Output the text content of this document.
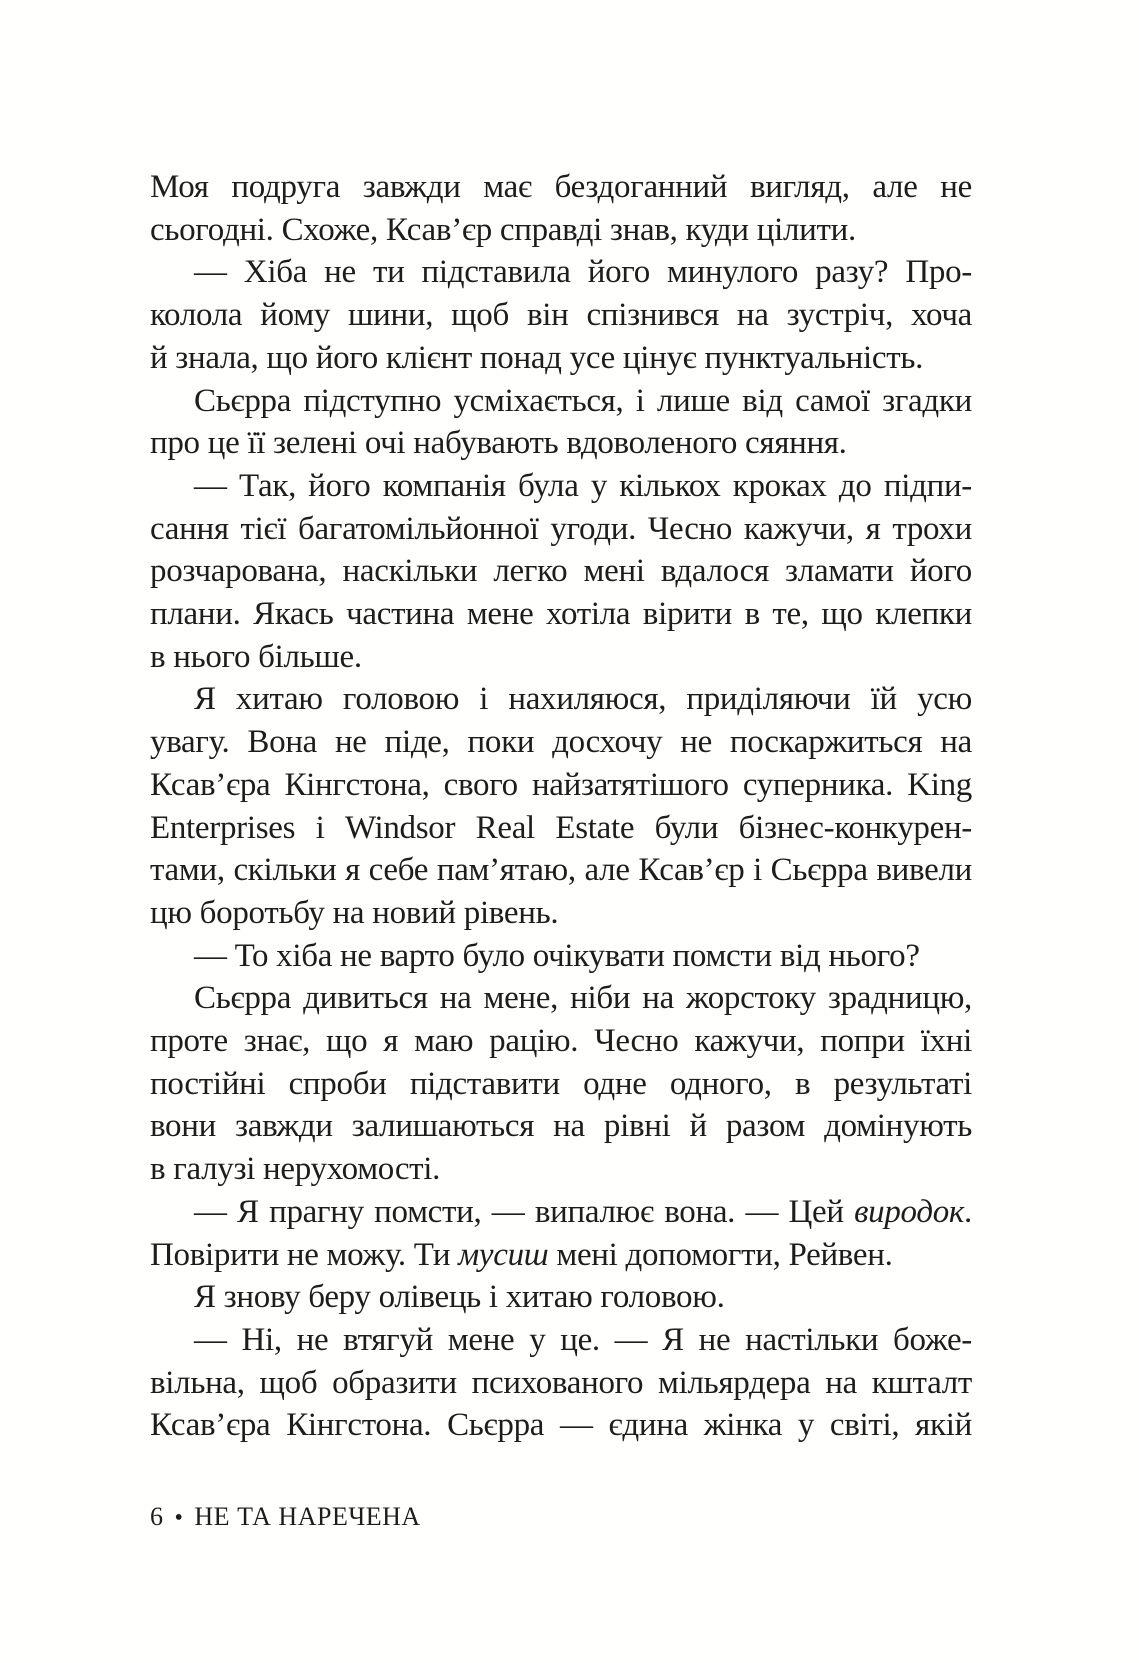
Моя подруга завжди має бездоганний вигляд, але не
сьогодні. Схоже, Ксав’єр справді знав, куди цілити.
— Хіба не ти підставила його минулого разу? Про-
колола йому шини, щоб він спізнився на зустріч, хоча
й знала, що його клієнт понад усе цінує пунктуальність.
Сьєрра підступно усміхається, і лише від самої згадки
про це її зелені очі набувають вдоволеного сяяння.
— Так, його компанія була у кількох кроках до підпи-
сання тієї багатомільйонної угоди. Чесно кажучи, я трохи
розчарована, наскільки легко мені вдалося зламати його
плани. Якась частина мене хотіла вірити в те, що клепки
в нього більше.
Я хитаю головою і нахиляюся, приділяючи їй усю
увагу. Вона не піде, поки досхочу не поскаржиться на
Ксав’єра Кінгстона, свого найзатятішого суперника. King
Enterprises і Windsor Real Estate були бізнес-конкурен-
тами, скільки я себе пам’ятаю, але Ксав’єр і Сьєрра вивели
цю боротьбу на новий рівень.
— То хіба не варто було очікувати помсти від нього?
Сьєрра дивиться на мене, ніби на жорстоку зрадницю,
проте знає, що я маю рацію. Чесно кажучи, попри їхні
постійні спроби підставити одне одного, в результаті
вони завжди залишаються на рівні й разом домінують
в галузі нерухомості.
— Я прагну помсти, — випалює вона. — Цей виродок.
Повірити не можу. Ти мусиш мені допомогти, Рейвен.
Я знову беру олівець і хитаю головою.
— Ні, не втягуй мене у це. — Я не настільки боже-
вільна, щоб образити психованого мільярдера на кшталт
Ксав’єра Кінгстона. Сьєрра — єдина жінка у світі, якій
6 • НЕ ТА НАРЕЧЕНА
